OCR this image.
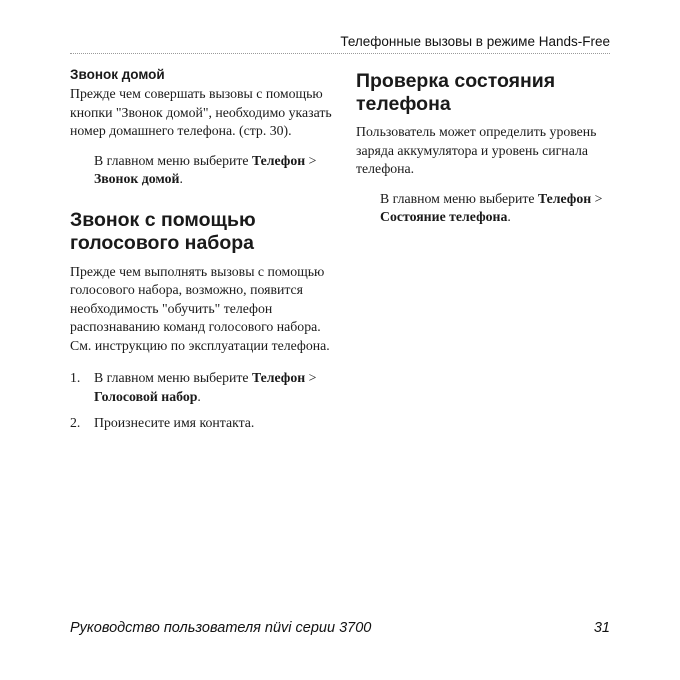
Телефонные вызовы в режиме Hands-Free
Звонок домой

Прежде чем совершать вызовы с помощью кнопки "Звонок домой", необходимо указать номер домашнего телефона. (стр. 30).

В главном меню выберите Телефон > Звонок домой.

Звонок с помощью голосового набора

Прежде чем выполнять вызовы с помощью голосового набора, возможно, появится необходимость "обучить" телефон распознаванию команд голосового набора. См. инструкцию по эксплуатации телефона.

1. В главном меню выберите Телефон > Голосовой набор.
2. Произнесите имя контакта.
Проверка состояния телефона

Пользователь может определить уровень заряда аккумулятора и уровень сигнала телефона.

В главном меню выберите Телефон > Состояние телефона.

Руководство пользователя nüvi серии 3700	31
